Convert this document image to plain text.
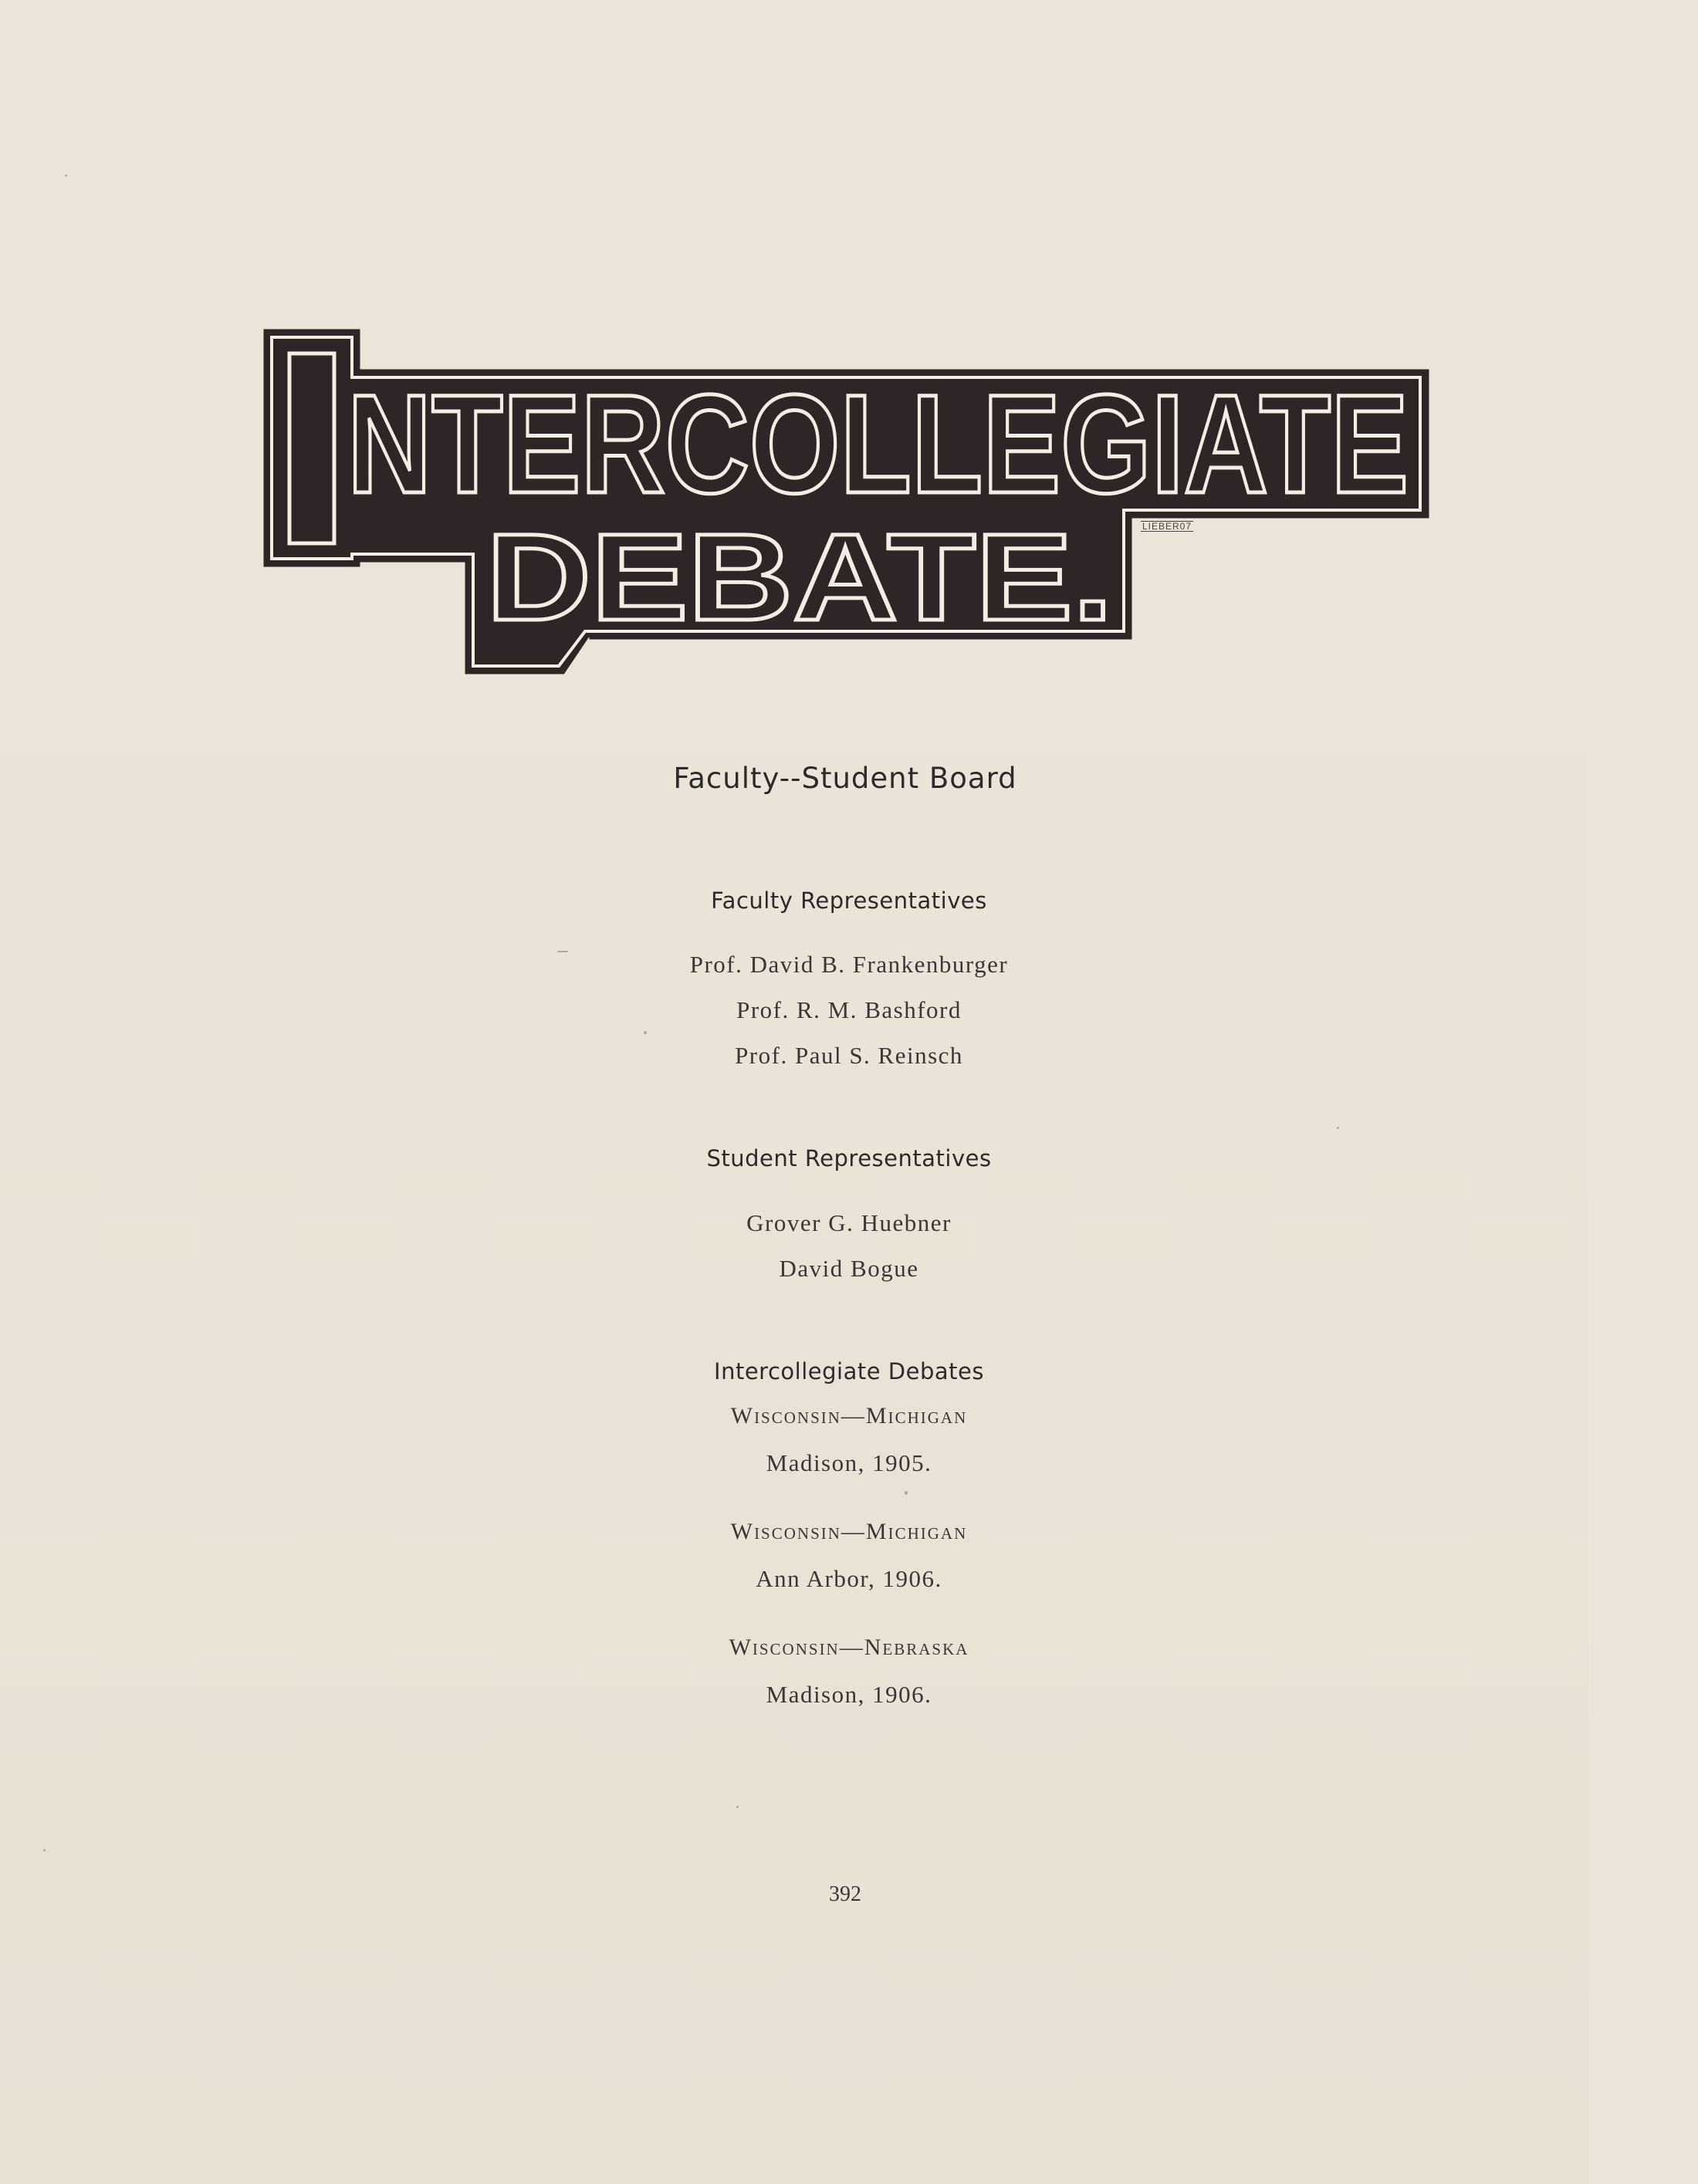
NTERCOLLEGIATE
DEBATE.	LIEBER07
Faculty--Student Board
Faculty Representatives
Prof. David B. Frankenburger
Prof. R. M. Bashford
Prof. Paul S. Reinsch
Student Representatives
Grover G. Huebner
David Bogue
Intercollegiate Debates
Wisconsin—Michigan
Madison, 1905.
Wisconsin—Michigan
Ann Arbor, 1906.
Wisconsin—Nebraska
Madison, 1906.
392
